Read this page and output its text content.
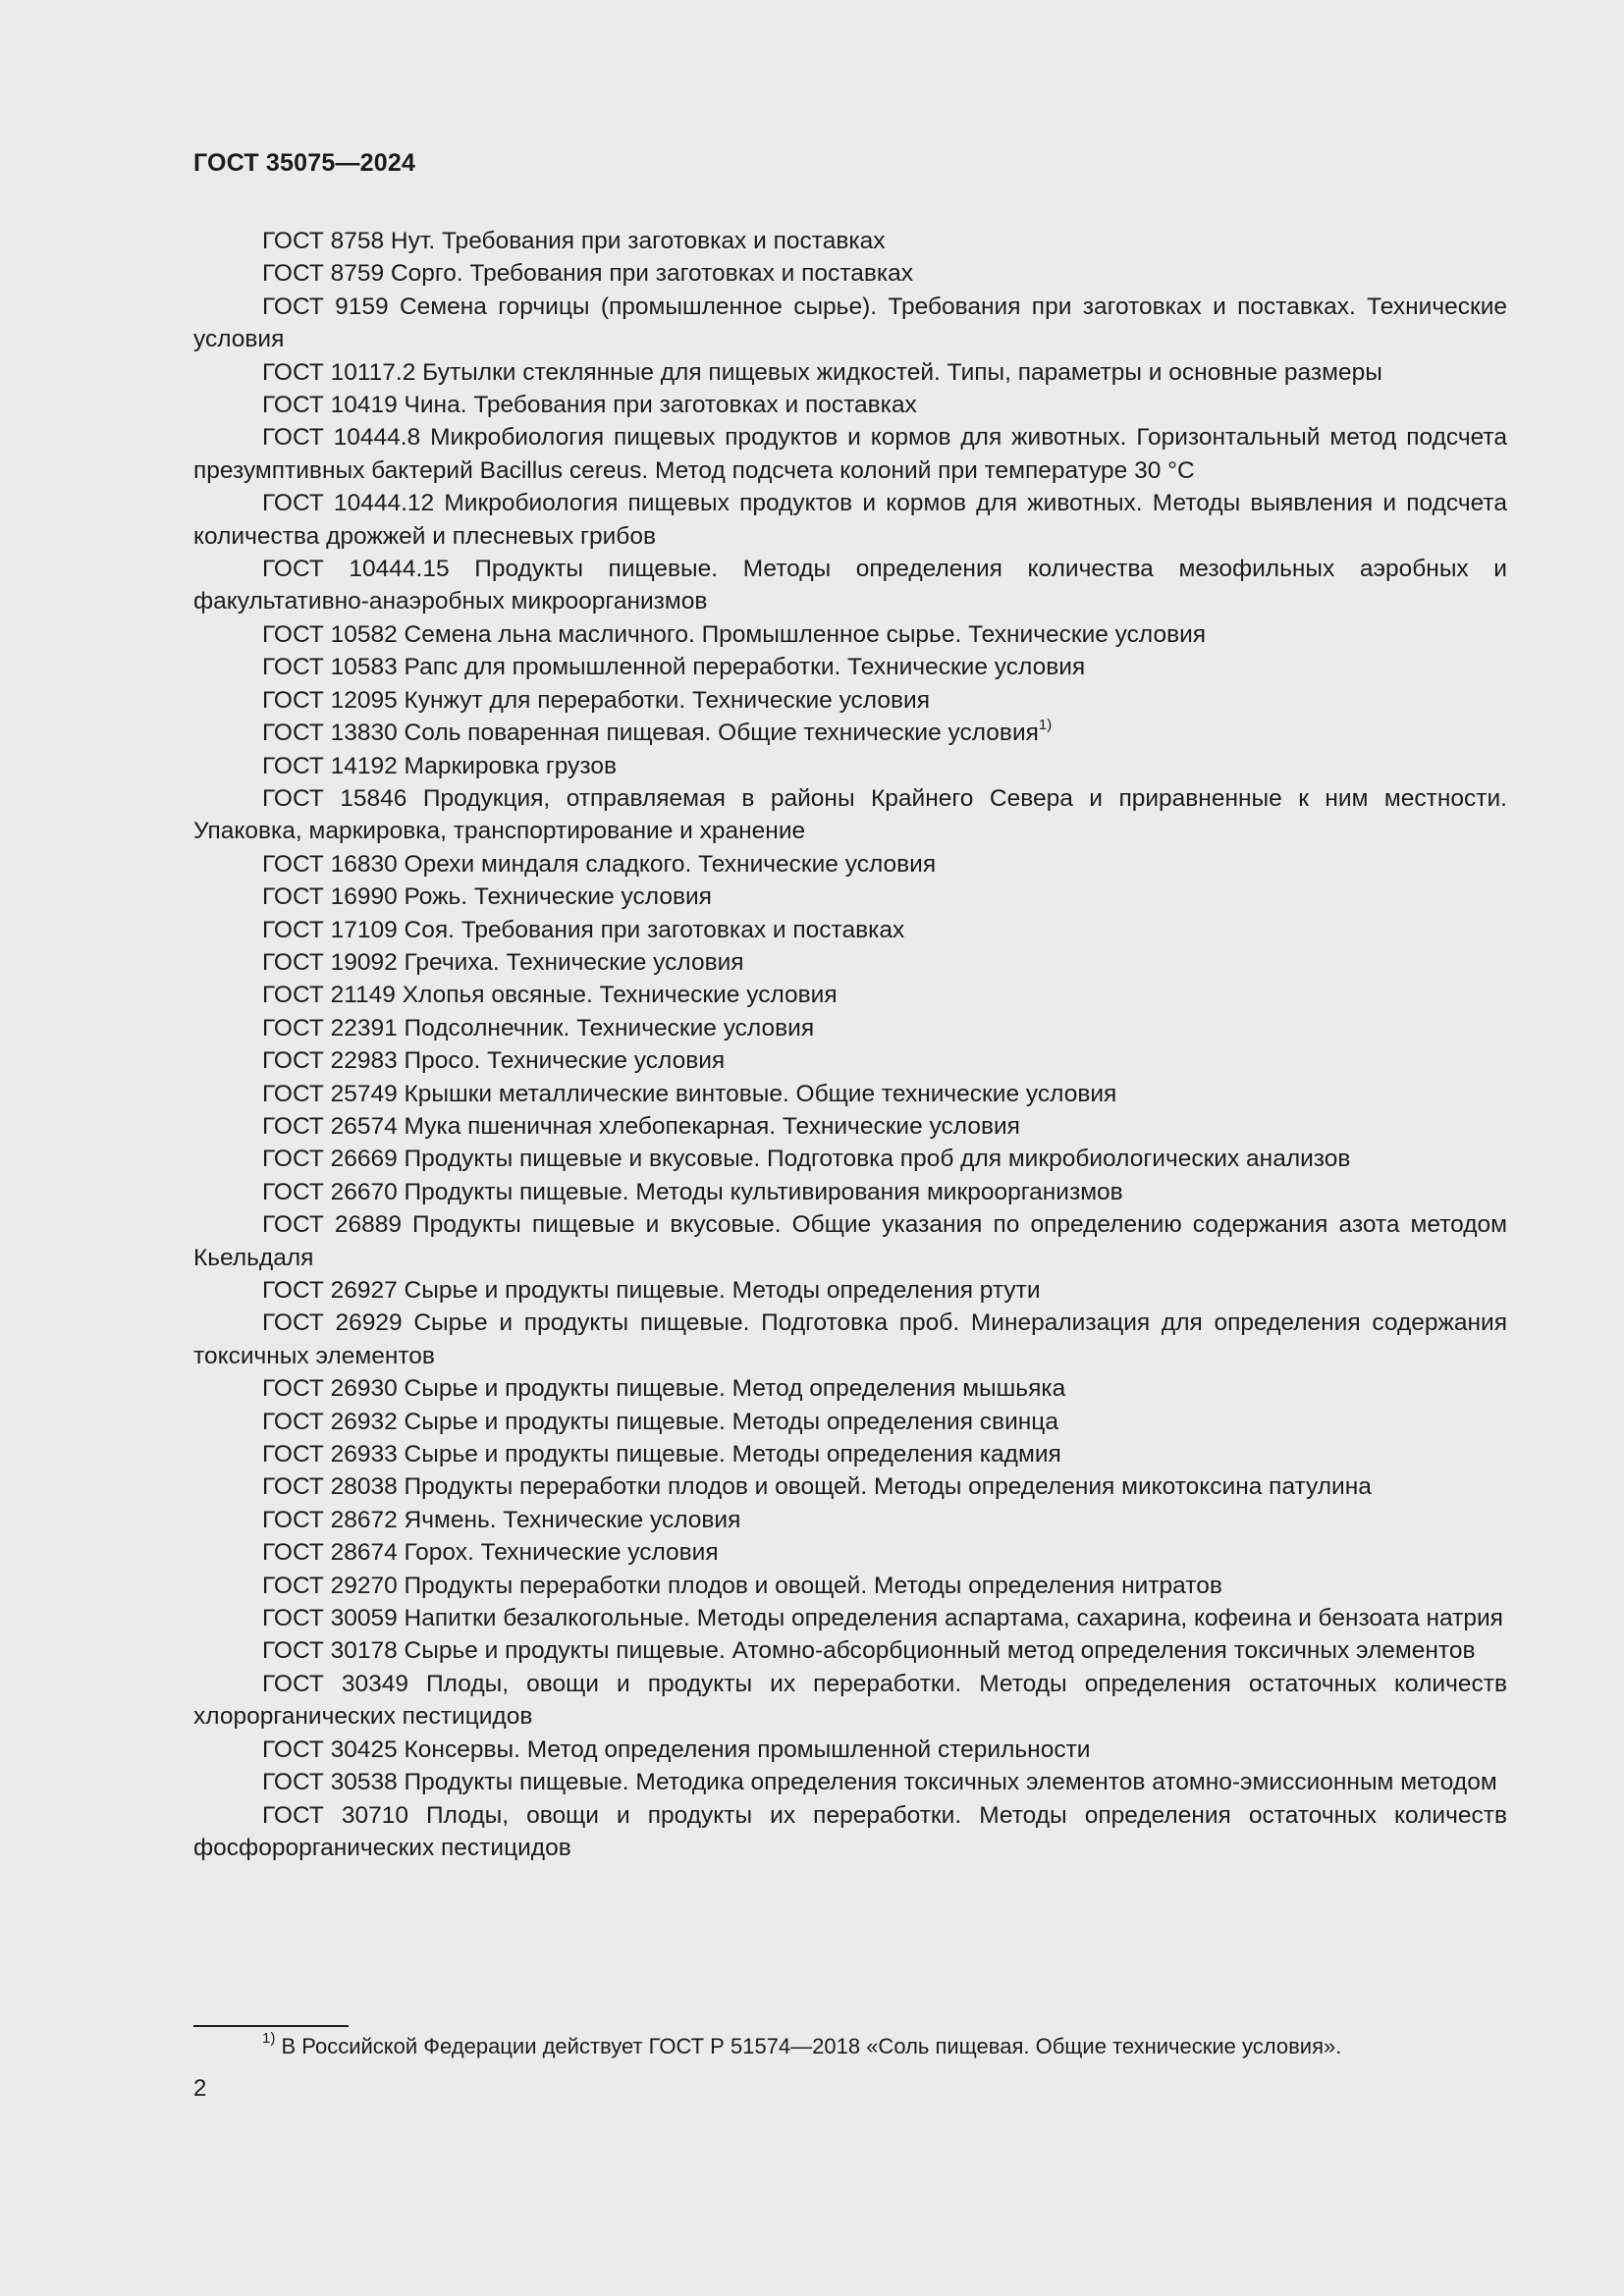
ГОСТ 35075—2024

ГОСТ 8758 Нут. Требования при заготовках и поставках

ГОСТ 8759 Сорго. Требования при заготовках и поставках

ГОСТ 9159 Семена горчицы (промышленное сырье). Требования при заготовках и поставках. Технические условия

ГОСТ 10117.2 Бутылки стеклянные для пищевых жидкостей. Типы, параметры и основные размеры

ГОСТ 10419 Чина. Требования при заготовках и поставках

ГОСТ 10444.8 Микробиология пищевых продуктов и кормов для животных. Горизонтальный метод подсчета презумптивных бактерий Bacillus cereus. Метод подсчета колоний при температуре 30 °С

ГОСТ 10444.12 Микробиология пищевых продуктов и кормов для животных. Методы выявления и подсчета количества дрожжей и плесневых грибов

ГОСТ 10444.15 Продукты пищевые. Методы определения количества мезофильных аэробных и факультативно-анаэробных микроорганизмов

ГОСТ 10582 Семена льна масличного. Промышленное сырье. Технические условия

ГОСТ 10583 Рапс для промышленной переработки. Технические условия

ГОСТ 12095 Кунжут для переработки. Технические условия

ГОСТ 13830 Соль поваренная пищевая. Общие технические условия$^{1)}$

ГОСТ 14192 Маркировка грузов

ГОСТ 15846 Продукция, отправляемая в районы Крайнего Севера и приравненные к ним местности. Упаковка, маркировка, транспортирование и хранение

ГОСТ 16830 Орехи миндаля сладкого. Технические условия

ГОСТ 16990 Рожь. Технические условия

ГОСТ 17109 Соя. Требования при заготовках и поставках

ГОСТ 19092 Гречиха. Технические условия

ГОСТ 21149 Хлопья овсяные. Технические условия

ГОСТ 22391 Подсолнечник. Технические условия

ГОСТ 22983 Просо. Технические условия

ГОСТ 25749 Крышки металлические винтовые. Общие технические условия

ГОСТ 26574 Мука пшеничная хлебопекарная. Технические условия

ГОСТ 26669 Продукты пищевые и вкусовые. Подготовка проб для микробиологических анализов

ГОСТ 26670 Продукты пищевые. Методы культивирования микроорганизмов

ГОСТ 26889 Продукты пищевые и вкусовые. Общие указания по определению содержания азота методом Кьельдаля

ГОСТ 26927 Сырье и продукты пищевые. Методы определения ртути

ГОСТ 26929 Сырье и продукты пищевые. Подготовка проб. Минерализация для определения содержания токсичных элементов

ГОСТ 26930 Сырье и продукты пищевые. Метод определения мышьяка

ГОСТ 26932 Сырье и продукты пищевые. Методы определения свинца

ГОСТ 26933 Сырье и продукты пищевые. Методы определения кадмия

ГОСТ 28038 Продукты переработки плодов и овощей. Методы определения микотоксина патулина

ГОСТ 28672 Ячмень. Технические условия

ГОСТ 28674 Горох. Технические условия

ГОСТ 29270 Продукты переработки плодов и овощей. Методы определения нитратов

ГОСТ 30059 Напитки безалкогольные. Методы определения аспартама, сахарина, кофеина и бензоата натрия

ГОСТ 30178 Сырье и продукты пищевые. Атомно-абсорбционный метод определения токсичных элементов

ГОСТ 30349 Плоды, овощи и продукты их переработки. Методы определения остаточных количеств хлорорганических пестицидов

ГОСТ 30425 Консервы. Метод определения промышленной стерильности

ГОСТ 30538 Продукты пищевые. Методика определения токсичных элементов атомно-эмиссионным методом

ГОСТ 30710 Плоды, овощи и продукты их переработки. Методы определения остаточных количеств фосфорорганических пестицидов

$^{1)}$ В Российской Федерации действует ГОСТ Р 51574—2018 «Соль пищевая. Общие технические условия».

2
